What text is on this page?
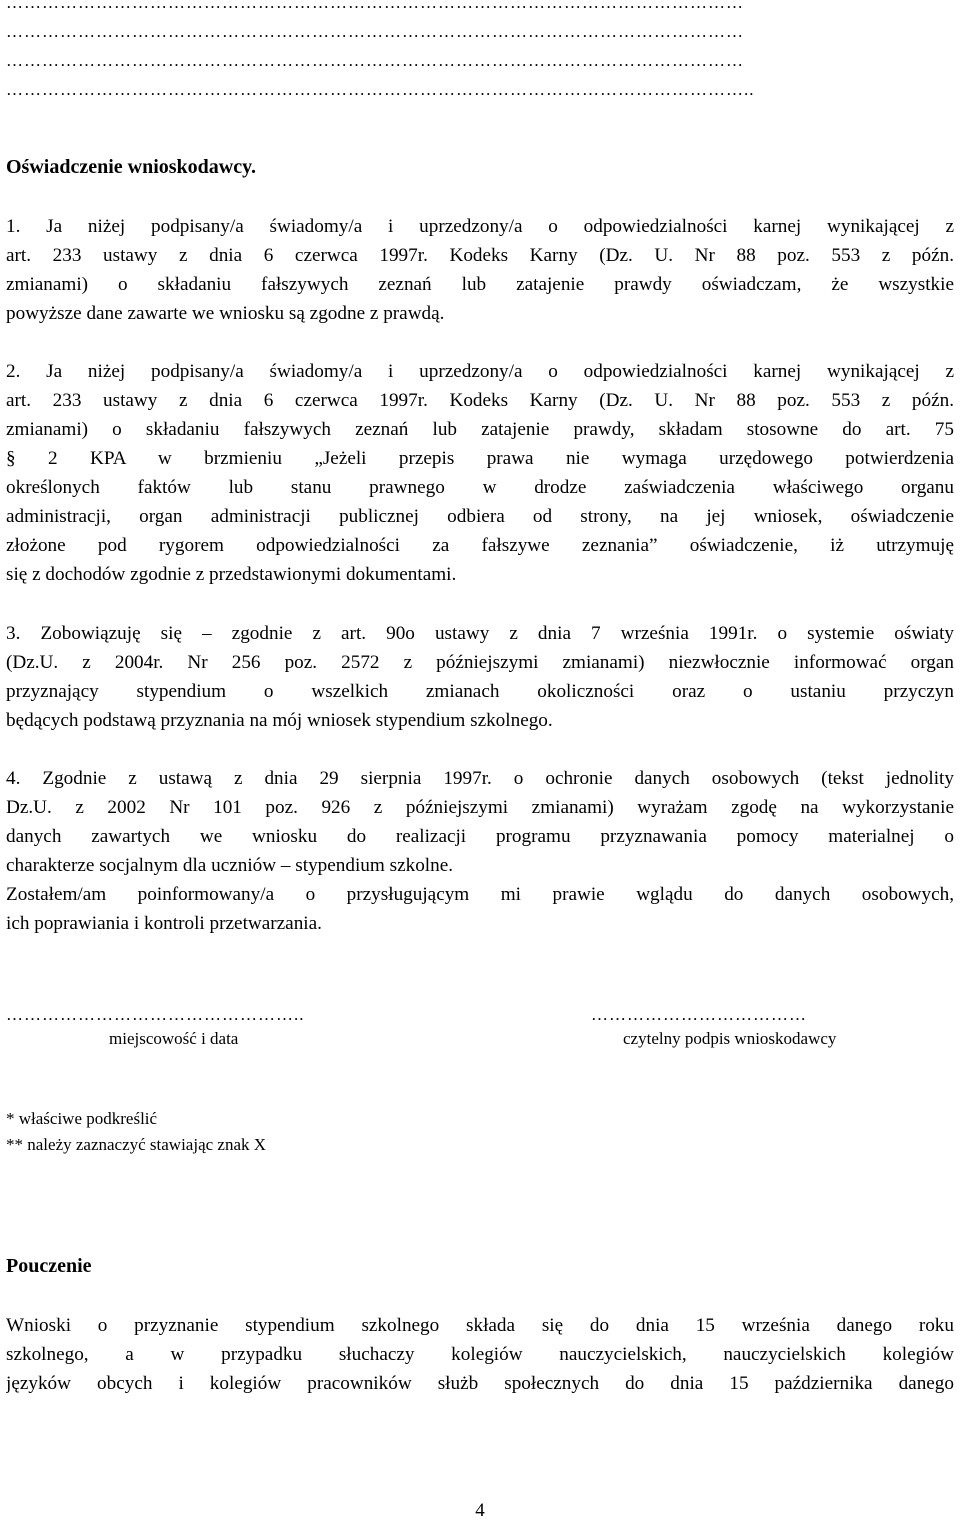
……………………………………………………………………………………………………………
……………………………………………………………………………………………………………
……………………………………………………………………………………………………………
……………………………………………………………………………………………………………..
Oświadczenie wnioskodawcy.
1. Ja niżej podpisany/a świadomy/a i uprzedzony/a o odpowiedzialności karnej wynikającej z
art. 233 ustawy z dnia 6 czerwca 1997r. Kodeks Karny (Dz. U. Nr 88 poz. 553 z późn.
zmianami) o składaniu fałszywych zeznań lub zatajenie prawdy oświadczam, że wszystkie
powyższe dane zawarte we wniosku są zgodne z prawdą.
2. Ja niżej podpisany/a świadomy/a i uprzedzony/a o odpowiedzialności karnej wynikającej z
art. 233 ustawy z dnia 6 czerwca 1997r. Kodeks Karny (Dz. U. Nr 88 poz. 553 z późn.
zmianami) o składaniu fałszywych zeznań lub zatajenie prawdy, składam stosowne do art. 75
§ 2 KPA w brzmieniu „Jeżeli przepis prawa nie wymaga urzędowego potwierdzenia
określonych faktów lub stanu prawnego w drodze zaświadczenia właściwego organu
administracji, organ administracji publicznej odbiera od strony, na jej wniosek, oświadczenie
złożone pod rygorem odpowiedzialności za fałszywe zeznania” oświadczenie, iż utrzymuję
się z dochodów zgodnie z przedstawionymi dokumentami.
3. Zobowiązuję się – zgodnie z art. 90o ustawy z dnia 7 września 1991r. o systemie oświaty
(Dz.U. z 2004r. Nr 256 poz. 2572 z późniejszymi zmianami) niezwłocznie informować organ
przyznający stypendium o wszelkich zmianach okoliczności oraz o ustaniu przyczyn
będących podstawą przyznania na mój wniosek stypendium szkolnego.
4. Zgodnie z ustawą z dnia 29 sierpnia 1997r. o ochronie danych osobowych (tekst jednolity
Dz.U. z 2002 Nr 101 poz. 926 z późniejszymi zmianami) wyrażam zgodę na wykorzystanie
danych zawartych we wniosku do realizacji programu przyznawania pomocy materialnej o
charakterze socjalnym dla uczniów – stypendium szkolne.
Zostałem/am poinformowany/a o przysługującym mi prawie wglądu do danych osobowych,
ich poprawiania i kontroli przetwarzania.
…………………………………………..
miejscowość i data
………………………………
czytelny podpis wnioskodawcy
* właściwe podkreślić
** należy zaznaczyć stawiając znak X
Pouczenie
Wnioski o przyznanie stypendium szkolnego składa się do dnia 15 września danego roku
szkolnego, a w przypadku słuchaczy kolegiów nauczycielskich, nauczycielskich kolegiów
języków obcych i kolegiów pracowników służb społecznych do dnia 15 października danego
4
